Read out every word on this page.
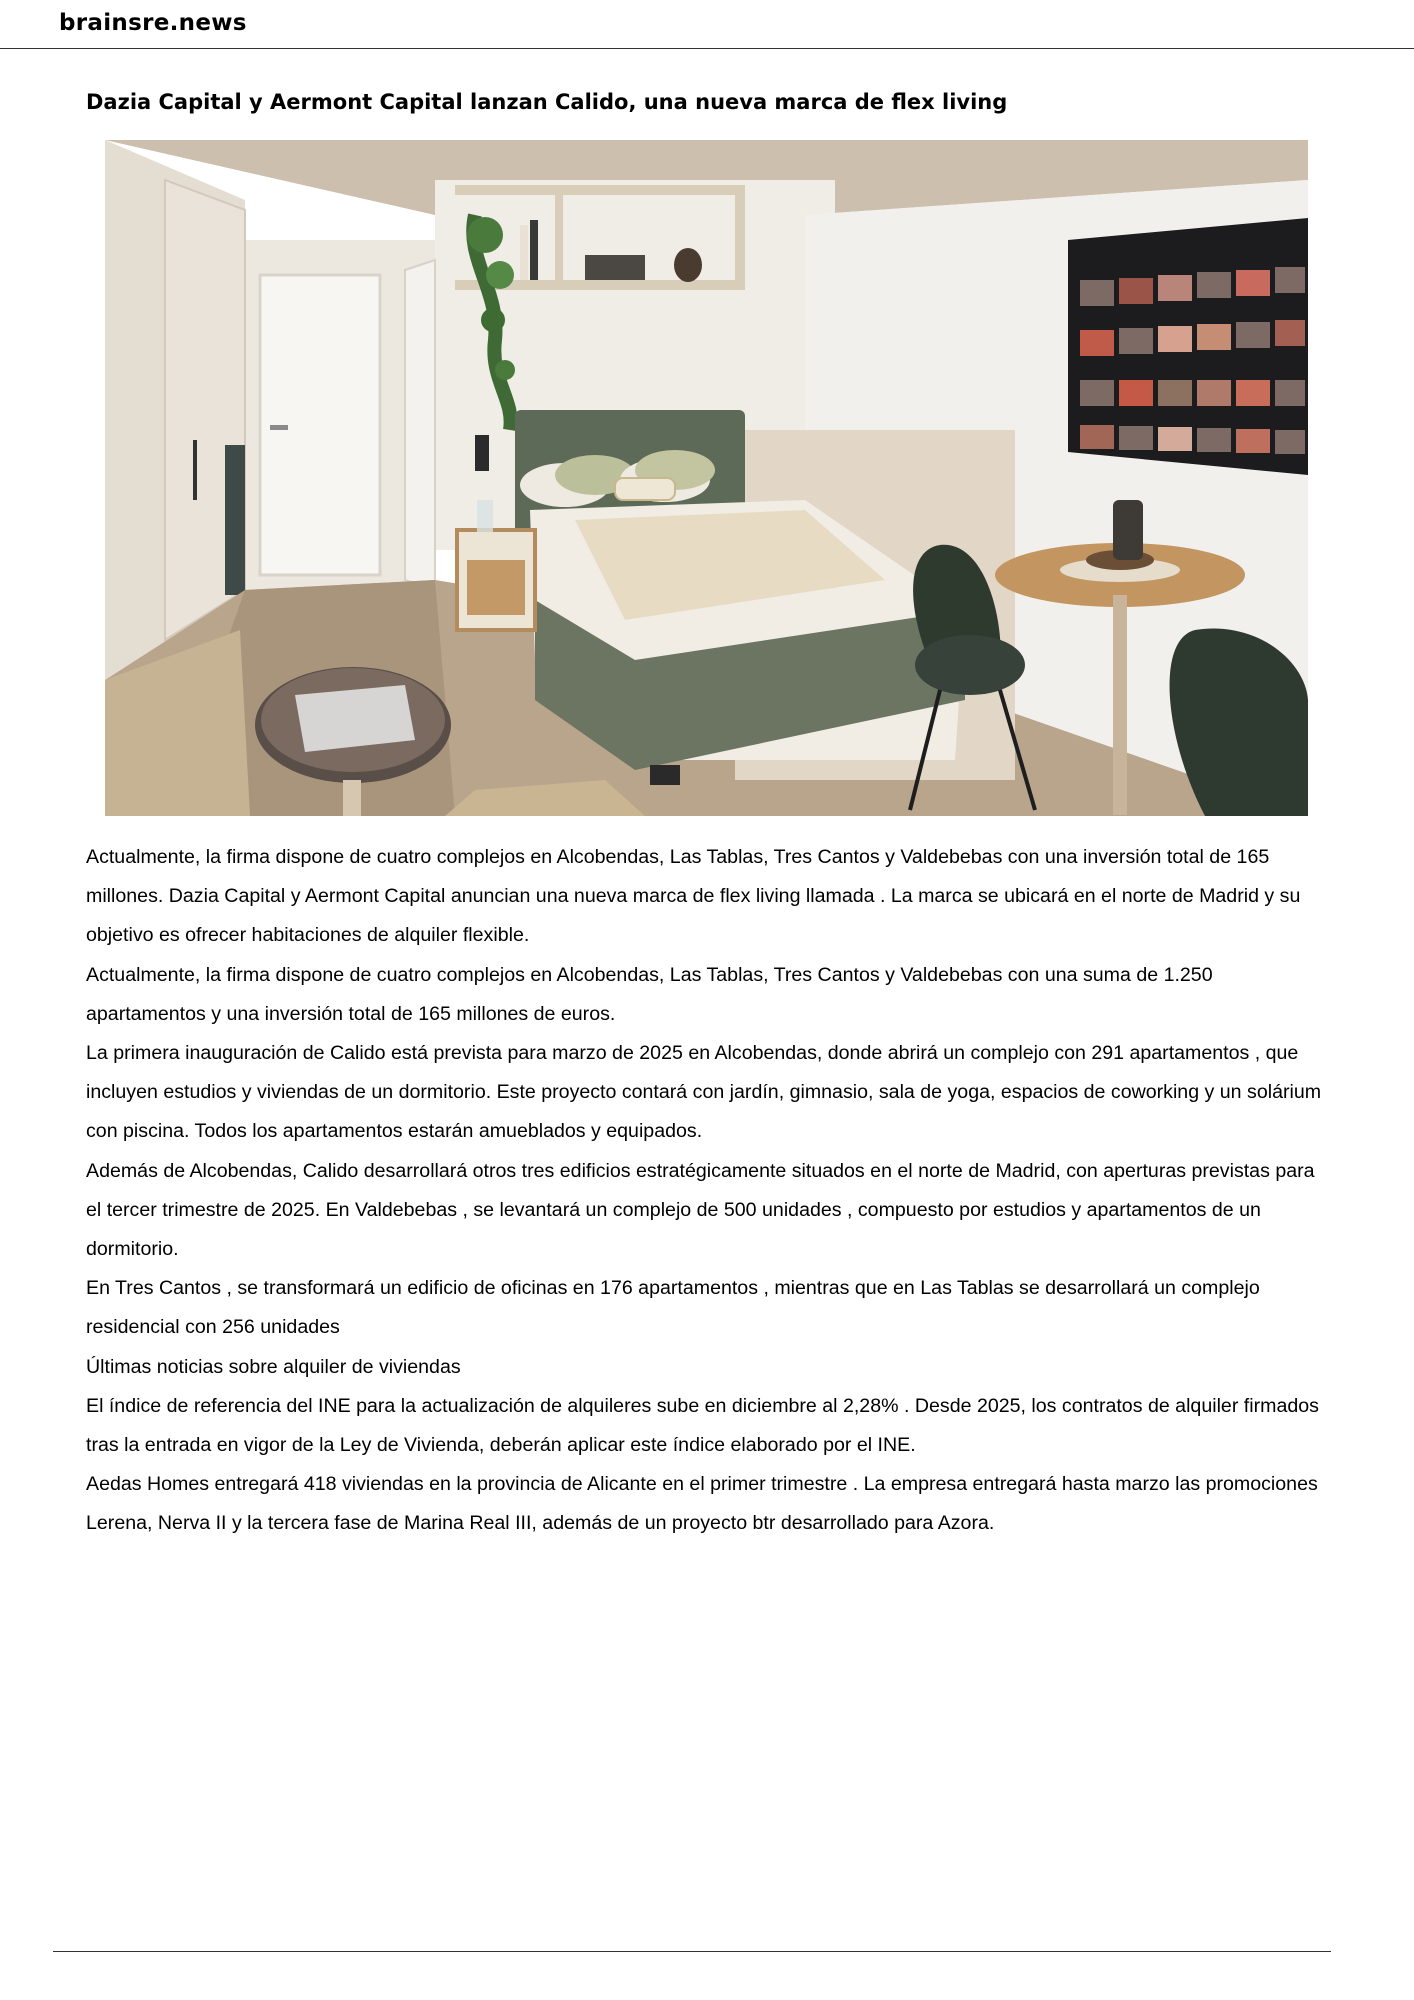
brainsre.news
Dazia Capital y Aermont Capital lanzan Calido, una nueva marca de flex living

Actualmente, la firma dispone de cuatro complejos en Alcobendas, Las Tablas, Tres Cantos y Valdebebas con una inversión total de 165 millones. Dazia Capital y Aermont Capital anuncian una nueva marca de flex living llamada . La marca se ubicará en el norte de Madrid y su objetivo es ofrecer habitaciones de alquiler flexible.

Actualmente, la firma dispone de cuatro complejos en Alcobendas, Las Tablas, Tres Cantos y Valdebebas con una suma de 1.250 apartamentos y una inversión total de 165 millones de euros.

La primera inauguración de Calido está prevista para marzo de 2025 en Alcobendas, donde abrirá un complejo con 291 apartamentos , que incluyen estudios y viviendas de un dormitorio. Este proyecto contará con jardín, gimnasio, sala de yoga, espacios de coworking y un solárium con piscina. Todos los apartamentos estarán amueblados y equipados.

Además de Alcobendas, Calido desarrollará otros tres edificios estratégicamente situados en el norte de Madrid, con aperturas previstas para el tercer trimestre de 2025. En Valdebebas , se levantará un complejo de 500 unidades , compuesto por estudios y apartamentos de un dormitorio.

En Tres Cantos , se transformará un edificio de oficinas en 176 apartamentos , mientras que en Las Tablas se desarrollará un complejo residencial con 256 unidades

Últimas noticias sobre alquiler de viviendas

El índice de referencia del INE para la actualización de alquileres sube en diciembre al 2,28% . Desde 2025, los contratos de alquiler firmados tras la entrada en vigor de la Ley de Vivienda, deberán aplicar este índice elaborado por el INE.

Aedas Homes entregará 418 viviendas en la provincia de Alicante en el primer trimestre . La empresa entregará hasta marzo las promociones Lerena, Nerva II y la tercera fase de Marina Real III, además de un proyecto btr desarrollado para Azora.
